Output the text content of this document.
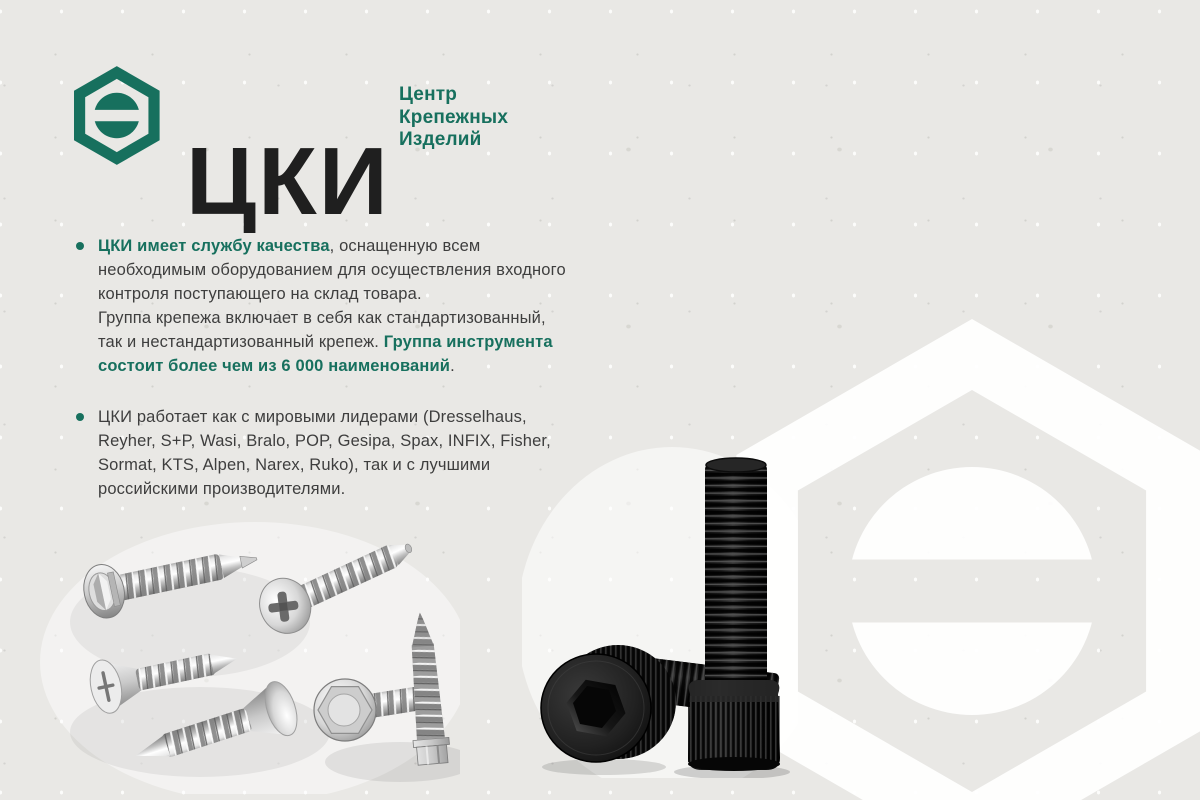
ЦКИ
Центр
Крепежных
Изделий

ЦКИ имеет службу качества, оснащенную всем необходимым оборудованием для осуществления входного контроля поступающего на склад товара.
Группа крепежа включает в себя как стандартизованный, так и нестандартизованный крепеж. Группа инструмента состоит более чем из 6 000 наименований.

ЦКИ работает как с мировыми лидерами (Dresselhaus, Reyher, S+P, Wasi, Bralo, POP, Gesipa, Spax, INFIX, Fisher, Sormat, KTS, Alpen, Narex, Ruko), так и с лучшими российскими производителями.
